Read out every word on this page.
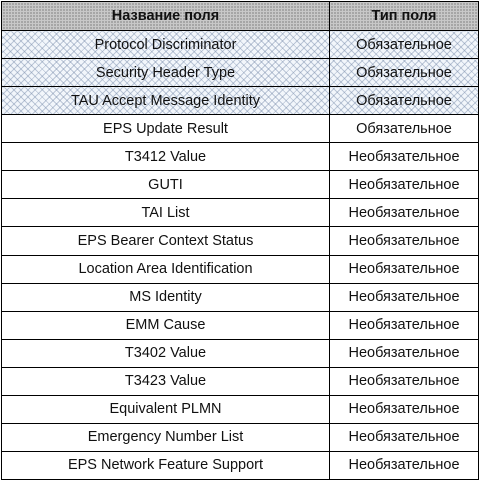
Название поля	Тип поля
Protocol Discriminator	Обязательное
Security Header Type	Обязательное
TAU Accept Message Identity	Обязательное
EPS Update Result	Обязательное
T3412 Value	Необязательное
GUTI	Необязательное
TAI List	Необязательное
EPS Bearer Context Status	Необязательное
Location Area Identification	Необязательное
MS Identity	Необязательное
EMM Cause	Необязательное
T3402 Value	Необязательное
T3423 Value	Необязательное
Equivalent PLMN	Необязательное
Emergency Number List	Необязательное
EPS Network Feature Support	Необязательное
